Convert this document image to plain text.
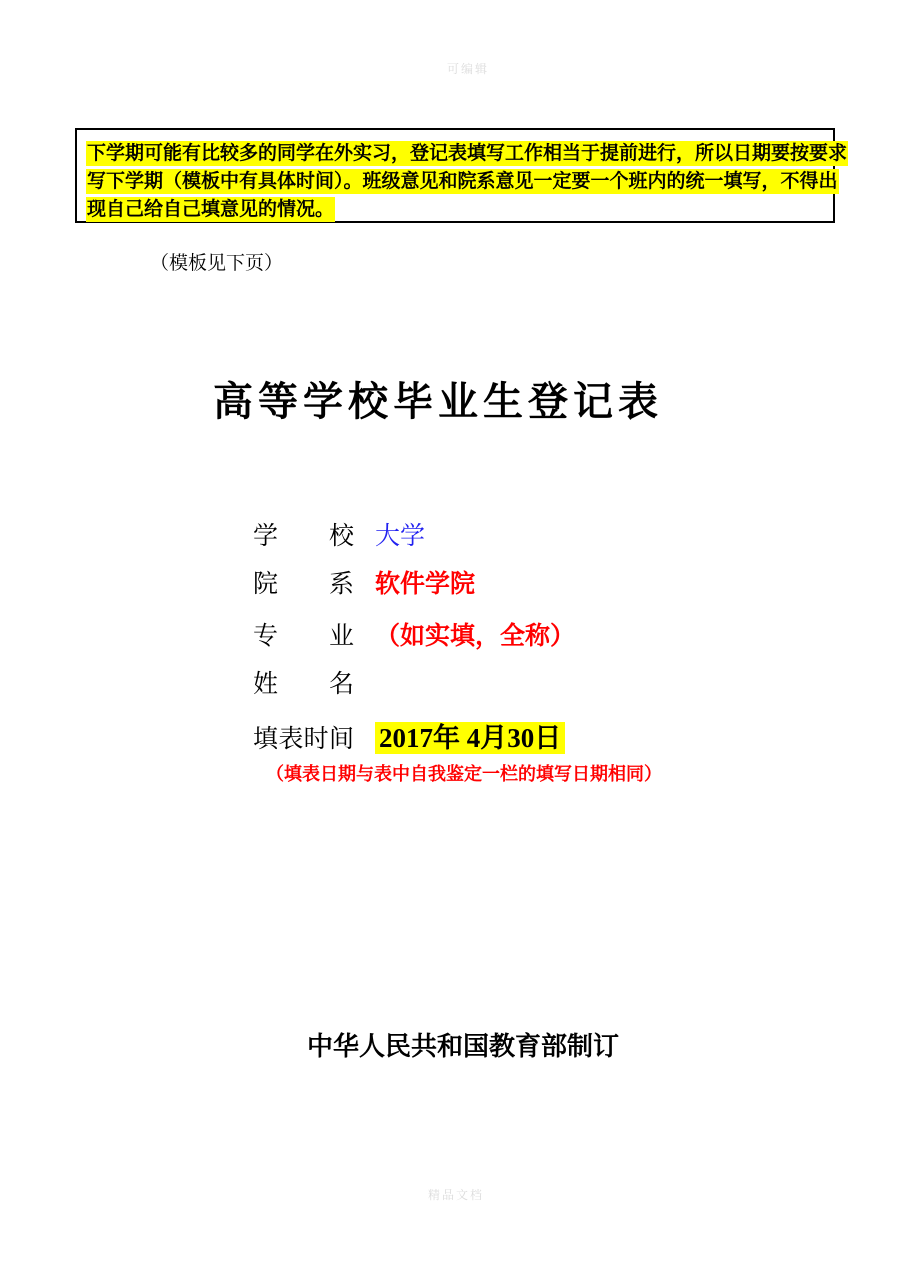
可编辑
下学期可能有比较多的同学在外实习，登记表填写工作相当于提前进行，所以日期要按要求
写下学期（模板中有具体时间）。班级意见和院系意见一定要一个班内的统一填写，不得出
现自己给自己填意见的情况。
（模板见下页）
高等学校毕业生登记表
学校 大学
院系 软件学院
专业 （如实填，全称）
姓名
填表时间 2017年 4月30日
（填表日期与表中自我鉴定一栏的填写日期相同）
中华人民共和国教育部制订
精品文档
